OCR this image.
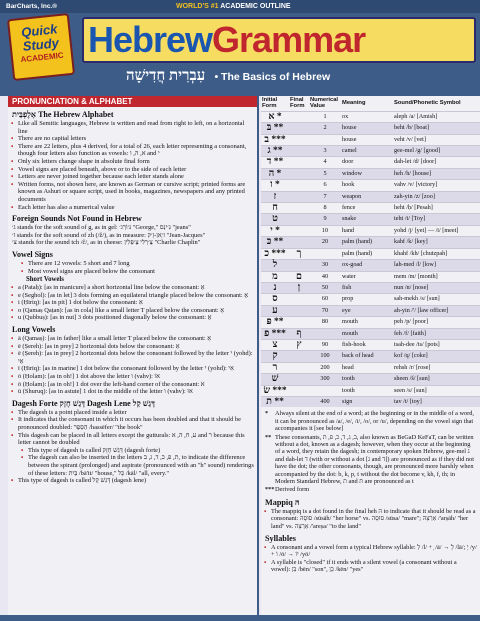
BarCharts, Inc.®	WORLD'S #1 ACADEMIC OUTLINE
Quick
Study
ACADEMIC HebrewGrammar
עִבְרִית חֲדִישָׁה • The Basics of Hebrew
PRONUNCIATION & ALPHABET
אָלֶפְבֵּית The Hebrew Alphabet
▪ Like all Semitic languages, Hebrew is written and read from right to left, on a horizontal line
▪ There are no capital letters
▪ There are 22 letters, plus 4 derived, for a total of 26, each letter representing a consonant, though four letters also function as vowels: א, ה, ו and י
▪ Only six letters change shape in absolute final form
▪ Vowel signs are placed beneath, above or to the side of each letter
▪ Letters are never joined together because each letter stands alone
▪ Written forms, not shown here, are known as German or cursive script; printed forms are known as Ashuri or square script, used in books, magazines, newspapers and any printed documents
▪ Each letter has also a numerical value
Foreign Sounds Not Found in Hebrew
ג׳ stands for the soft sound of g, as in gel: גּ׳וֹרְג׳ "George," גִּ׳ינְס "jeans"
ז׳ stands for the soft sound of zh (/ž/), as in measure: ז׳ָאן-זָ׳ק "Jean-Jacques"
צ׳ stands for the sound tch /č/, as in cheese: צֶ׳רְלִי צֶ׳פְּלִין "Charlie Chaplin"
Vowel Signs
▪ There are 12 vowels: 5 short and 7 long
▪ Most vowel signs are placed below the consonant
Short Vowels
▪ a (Pataḥ): [as in manicure] a short horizontal line below the consonant: אַ
▪ e (Seghol): [as in let] 3 dots forming an equilateral triangle placed below the consonant: אֶ
▪ i (Ḥiriq): [as in pit] 1 dot below the consonant: אִ
▪ o (Qamaṣ Qaṭan): [as in cola] like a small letter T placed below the consonant: אָ
▪ u (Qubbuṣ): [as in nut] 3 dots positioned diagonally below the consonant: אֻ
Long Vowels
▪ ā (Qamaṣ): [as in father] like a small letter T placed below the consonant: אָ
▪ ē (Ṣereh): [as in prey] 2 horizontal dots below the consonant: אֵ
▪ ē (Ṣereh): [as in prey] 2 horizontal dots below the consonant followed by the letter י (yohd): אֵי
▪ ī (Ḥiriq): [as in marine] 1 dot below the consonant followed by the letter י (yohd): אִי
▪ ō (Ḥolam): [as in oh!] 1 dot above the letter ו (vahv): אוֹ
▪ ō (Ḥolam): [as in oh!] 1 dot over the left-hand corner of the consonant: אֹ
▪ ū (Shuruq): [as in astute] 1 dot in the middle of the letter ו (vahv): אוּ
Dagesh Forte דָּגֵשׁ חָזָק Dagesh Lene דָּגֵשׁ קַל
▪ The dagesh is a point placed inside a letter
▪ It indicates that the consonant in which it occurs has been doubled and that it should be pronounced doubled: הַסֵּפֶר /hassēfer/ "the book"
▪ This dagesh can be placed in all letters except the gutturals: ע, ח, ה, א and ר because this letter cannot be doubled
▪ This type of dagesh is called דָּגֵשׁ חָזָק (dagesh forte)
▪ The dagesh can also be inserted in the letters ת, פ, כ, ד, ג, ב, to indicate the difference between the spirant (prolonged) and aspirate (pronounced with an "h" sound) renderings of these letters: בַּיִת /bā'it/ "house," כָּל /kāl/ "all, every."
▪ This type of dagesh is called דָּגֵשׁ קַל (dagesh lene)
Initial Form	Final Form	Numerical Value	Meaning	Sound/Phonetic Symbol
א *		1	ox	aleph /a/ [Amish]
בּ **		2	house	beht /b/ [boat]
ב ***			house	veht /v/ [vet]
ג **		3	camel	gee-mel /g/ [good]
ד **		4	door	dah-let /d/ [door]
ה *		5	window	heh /h/ [house]
ו *		6	hook	vahv /v/ [victory]
ז		7	weapon	zah-yin /z/ [zoo]
ח		8	fence	heht /ḥ/ [Pesah]
ט		9	snake	teht /t/ [Toy]
י *		10	hand	yohd /j/ [yet] — /i/ [meet]
כּ **		20	palm (hand)	kahf /k/ [key]
כ ***	ך		palm (hand)	khahf /kh/ [chutzpah]
ל		30	ox-goad	lah-med /l/ [low]
מ	ם	40	water	mem /m/ [month]
נ	ן	50	fish	nun /n/ [nose]
ס		60	prop	sah-mekh /s/ [sun]
ע		70	eye	ah-yin /'/ [law officer]
פּ **		80	mouth	peh /p/ [poor]
פ ***	ף		mouth	feh /f/ [faith]
צ	ץ	90	fish-hook	tsah-dee /ts/ [pots]
ק		100	back of head	kof /q/ [coke]
ר		200	head	rehsh /r/ [rose]
שׁ		300	tooth	sheen /š/ [sun]
שׂ ***			tooth	seen /s/ [sun]
ת **		400	sign	tav /t/ [toy]
* Always silent at the end of a word; at the beginning or in the middle of a word, it can be pronounced as /a/, /e/, /i/, /o/, or /u/, depending on the vowel sign that accompanies it [see below]
** These consonants, ב, ג, ד, כ, פ, ת, also known as BeGaD KeFaT, can be written without a dot, known as a dagesh; however, when they occur at the beginning of a word, they retain the dagesh; in contemporary spoken Hebrew, gee-mel ג and dah-let ד (with or without a dot [ג and ד]) are pronounced as if they did not have the dot; the other consonants, though, are pronounced more harshly when accompanied by the dot: b, k, p, t without the dot become v, kh, f, th; in Modern Standard Hebrew, ת and תּ are pronounced as t
*** Derived form
Mappiq הּ
▪ The mappiq is a dot found in the final heh הּ to indicate that it should be read as a consonant: סוּסָהּ /sūsāh/ "her horse" vs. סוּסָה /sūsa/ "mare"; אַרְצָהּ /'arṣāh/ "her land" vs. אַרְצָה /'areṣa/ "to the land"
Syllables
▪ A consonant and a vowel form a typical Hebrew syllable: לְ /l/ + ָ /ā/ → לָ /lā/; יָ /y/ + וֹ /ō/ → יוֹ /yō/
▪ A syllable is "closed" if it ends with a silent vowel (a consonant without a vowel): בֵּן /bēn/ "son", כֵּן /kēn/ "yes"
